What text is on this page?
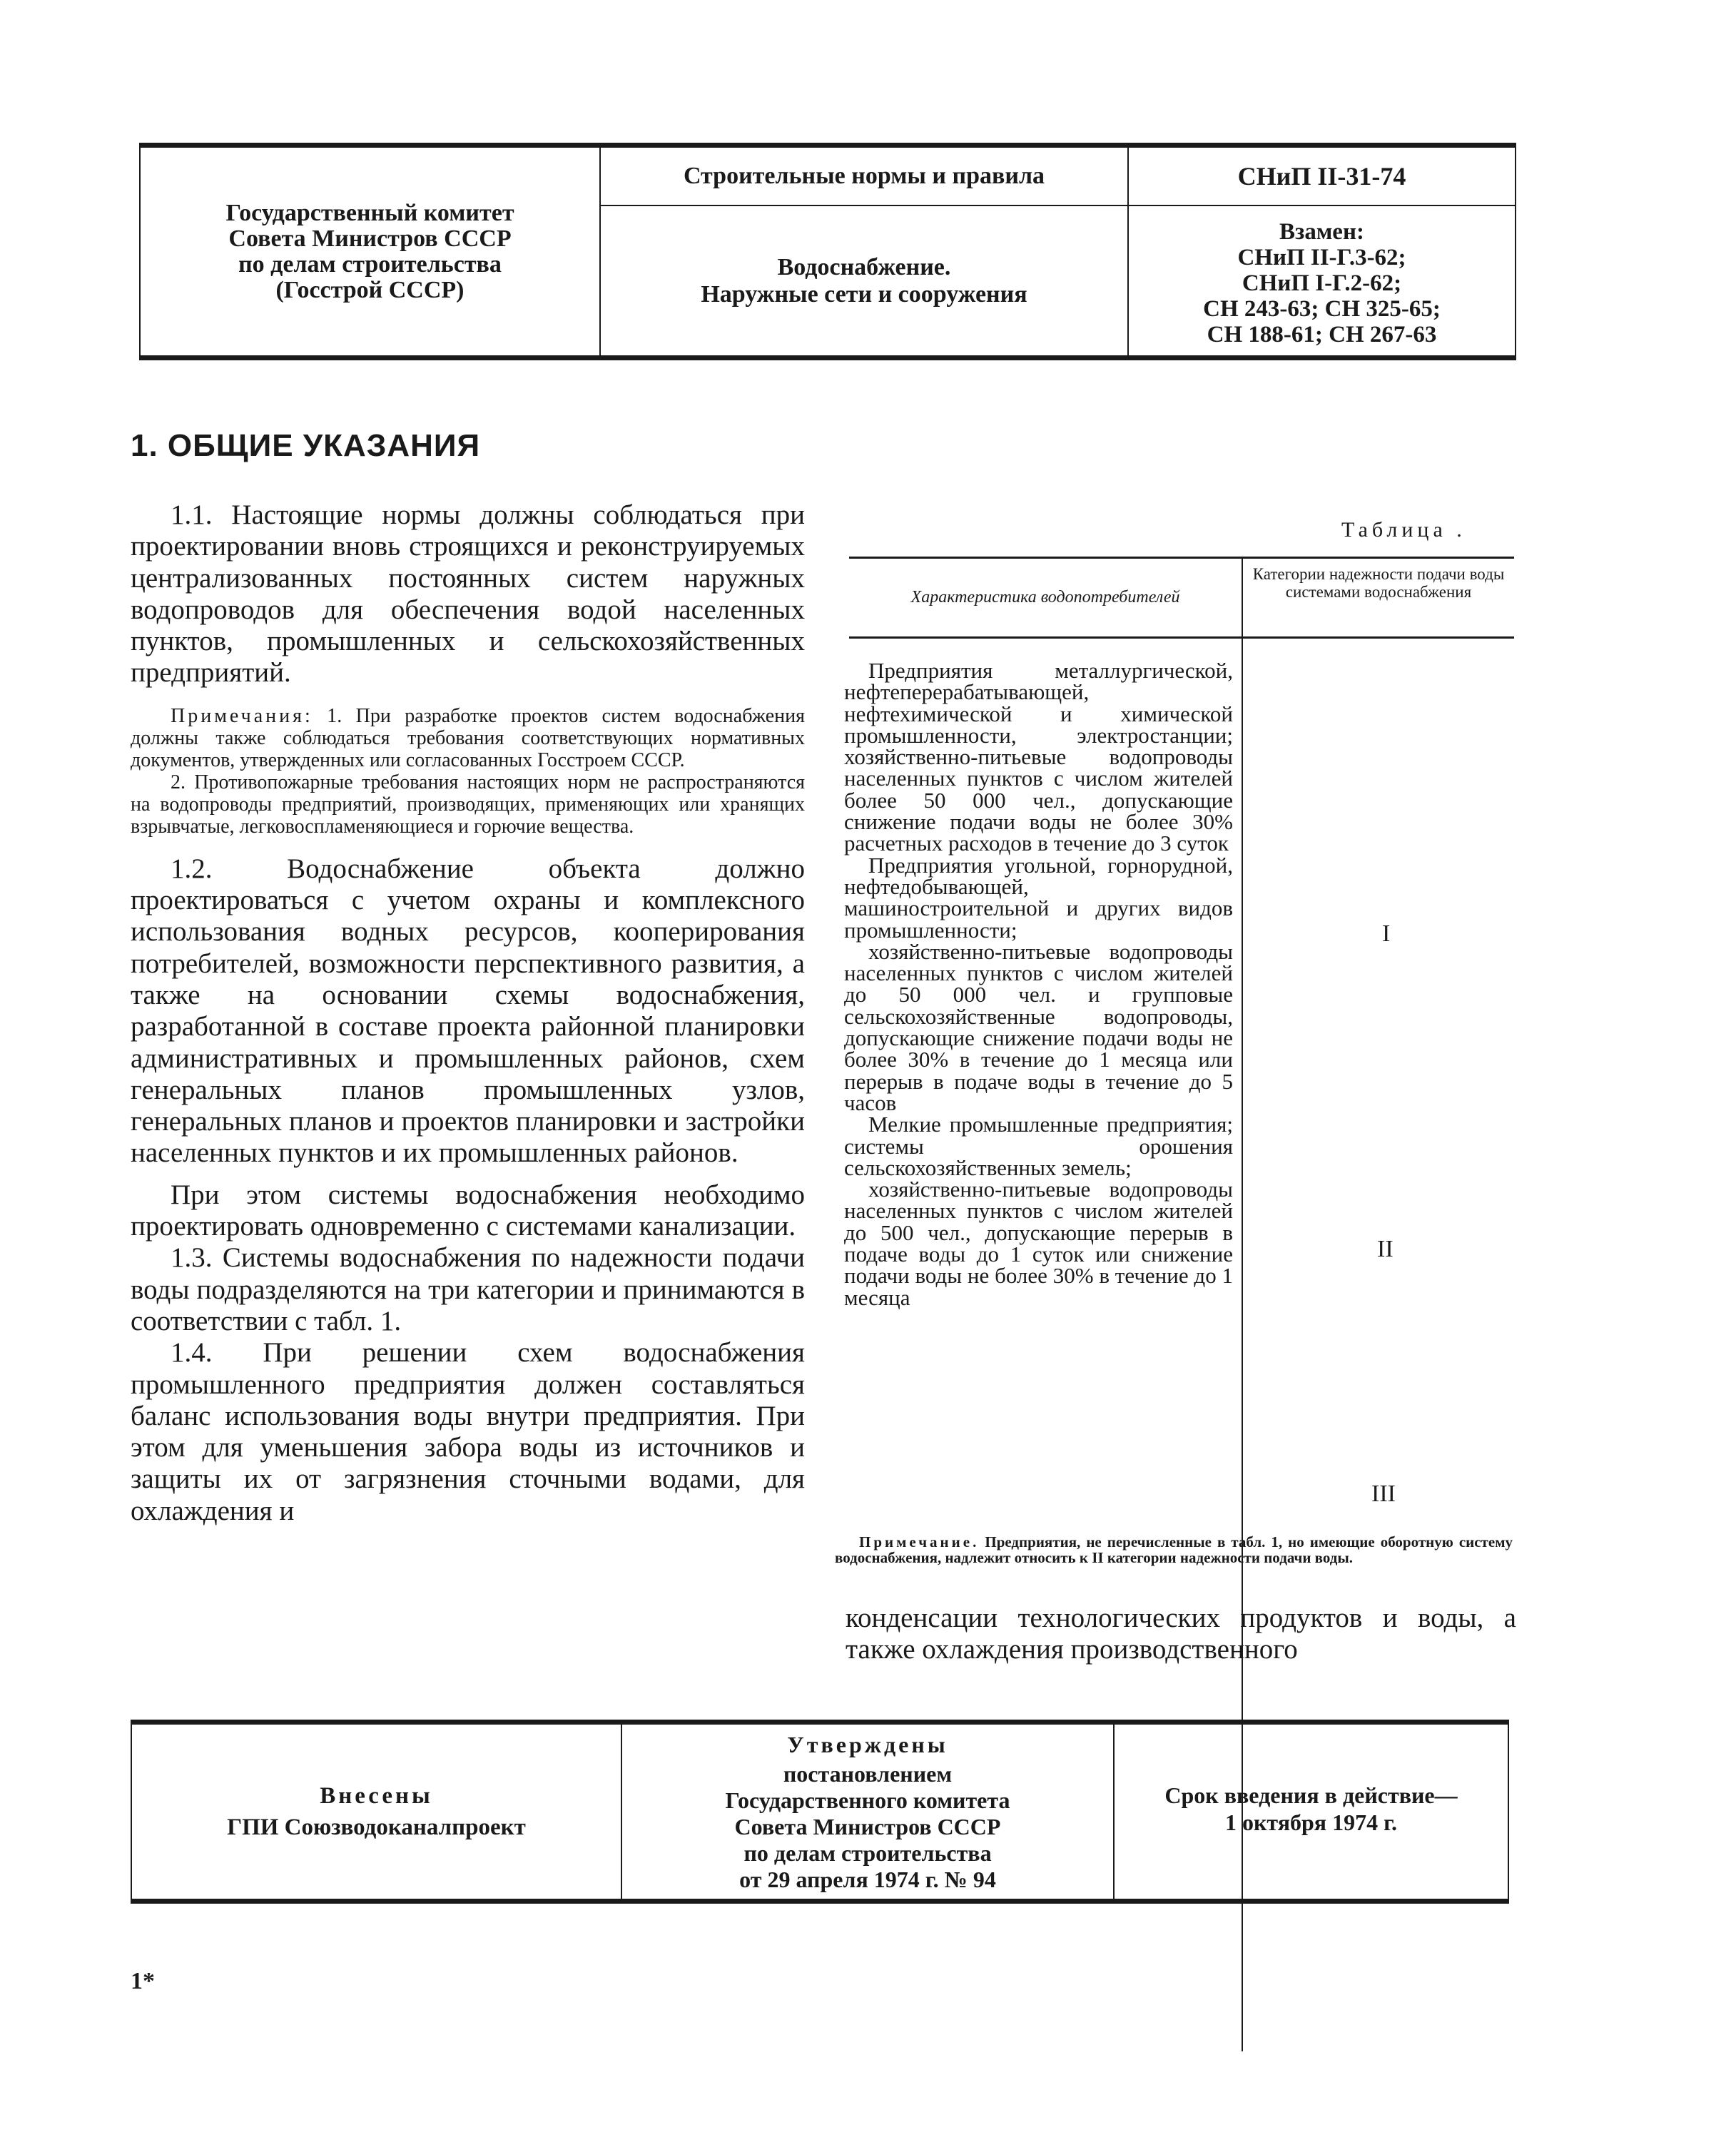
Государственный комитет
Совета Министров СССР
по делам строительства
(Госстрой СССР)
Строительные нормы и правила	СНиП II-31-74
Водоснабжение.
Наружные сети и сооружения
Взамен:
СНиП II-Г.3-62;
СНиП I-Г.2-62;
СН 243-63; СН 325-65;
СН 188-61; СН 267-63
1. ОБЩИЕ УКАЗАНИЯ

1.1. Настоящие нормы должны соблюдаться при проектировании вновь строящихся и реконструируемых централизованных постоянных систем наружных водопроводов для обеспечения водой населенных пунктов, промышленных и сельскохозяйственных предприятий.

Примечания: 1. При разработке проектов систем водоснабжения должны также соблюдаться требования соответствующих нормативных документов, утвержденных или согласованных Госстроем СССР.

2. Противопожарные требования настоящих норм не распространяются на водопроводы предприятий, производящих, применяющих или хранящих взрывчатые, легковоспламеняющиеся и горючие вещества.

1.2. Водоснабжение объекта должно проектироваться с учетом охраны и комплексного использования водных ресурсов, кооперирования потребителей, возможности перспективного развития, а также на основании схемы водоснабжения, разработанной в составе проекта районной планировки административных и промышленных районов, схем генеральных планов промышленных узлов, генеральных планов и проектов планировки и застройки населенных пунктов и их промышленных районов.

При этом системы водоснабжения необходимо проектировать одновременно с системами канализации.

1.3. Системы водоснабжения по надежности подачи воды подразделяются на три категории и принимаются в соответствии с табл. 1.

1.4. При решении схем водоснабжения промышленного предприятия должен составляться баланс использования воды внутри предприятия. При этом для уменьшения забора воды из источников и защиты их от загрязнения сточными водами, для охлаждения и

Таблица .
Характеристика водопотребителей
Категории надежности подачи воды системами водоснабжения

Предприятия металлургической, нефтеперерабатывающей, нефтехимической и химической промышленности, электростанции; хозяйственно-питьевые водопроводы населенных пунктов с числом жителей более 50 000 чел., допускающие снижение подачи воды не более 30% расчетных расходов в течение до 3 суток

Предприятия угольной, горнорудной, нефтедобывающей, машиностроительной и других видов промышленности;

хозяйственно-питьевые водопроводы населенных пунктов с числом жителей до 50 000 чел. и групповые сельскохозяйственные водопроводы, допускающие снижение подачи воды не более 30% в течение до 1 месяца или перерыв в подаче воды в течение до 5 часов

Мелкие промышленные предприятия; системы орошения сельскохозяйственных земель;

хозяйственно-питьевые водопроводы населенных пунктов с числом жителей до 500 чел., допускающие перерыв в подаче воды до 1 суток или снижение подачи воды не более 30% в течение до 1 месяца

I
II
III
Примечание. Предприятия, не перечисленные в табл. 1, но имеющие оборотную систему водоснабжения, надлежит относить к II категории надежности подачи воды.

конденсации технологических продуктов и воды, а также охлаждения производственного

Внесены
ГПИ Союзводоканалпроект
Утверждены
постановлением
Государственного комитета
Совета Министров СССР
по делам строительства
от 29 апреля 1974 г. № 94
Срок введения в действие—
1 октября 1974 г.
1*
